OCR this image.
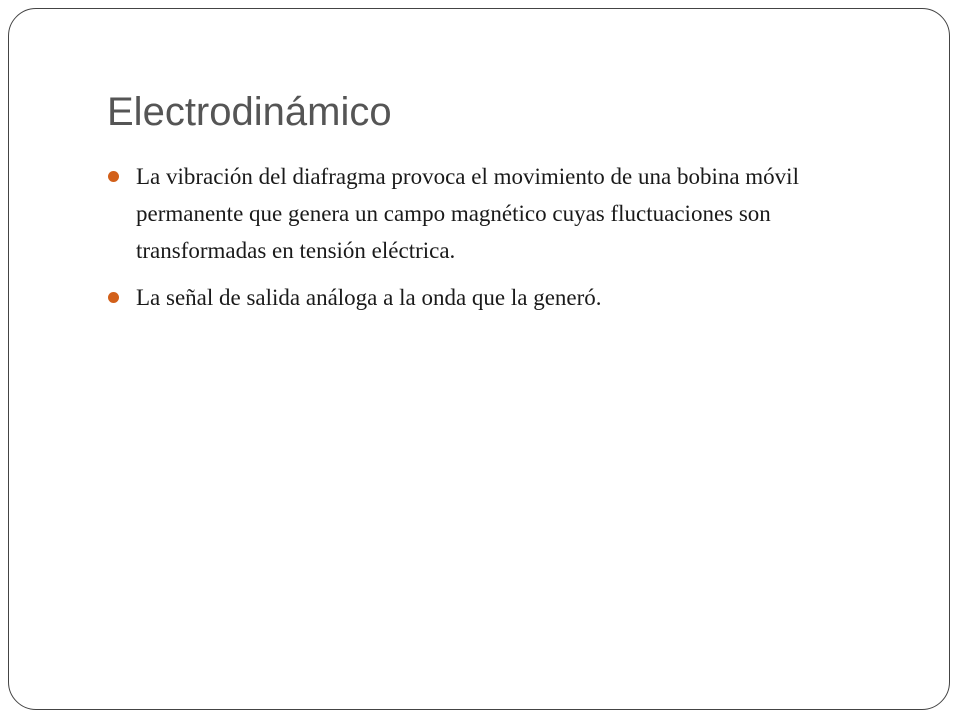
Electrodinámico
La vibración del diafragma provoca el movimiento de una bobina móvil permanente que genera un campo magnético cuyas fluctuaciones son transformadas en tensión eléctrica.
La señal de salida análoga a la onda que la generó.
